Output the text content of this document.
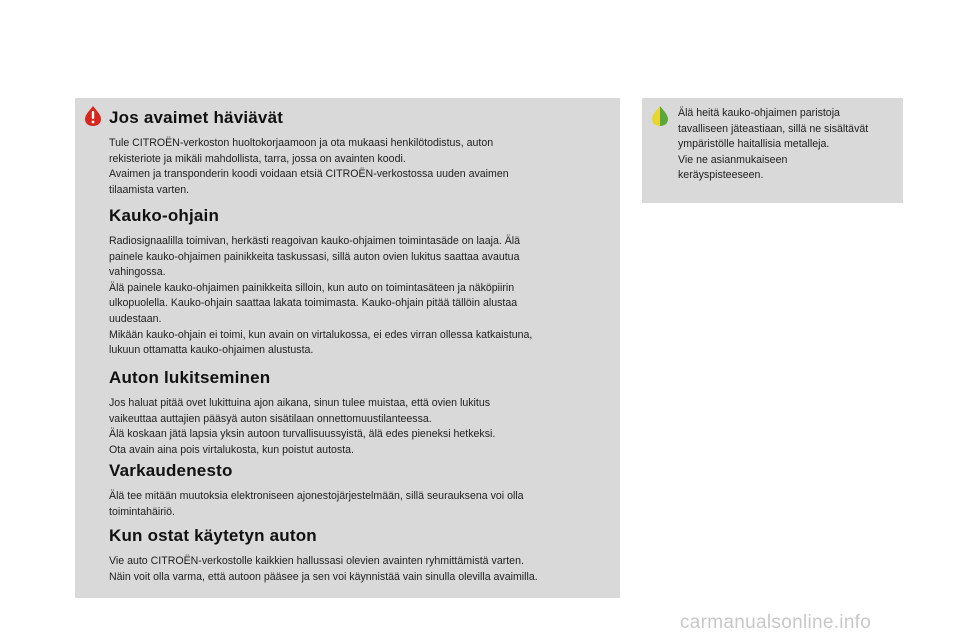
Jos avaimet häviävät

Tule CITROËN-verkoston huoltokorjaamoon ja ota mukaasi henkilötodistus, auton
rekisteriote ja mikäli mahdollista, tarra, jossa on avainten koodi.
Avaimen ja transponderin koodi voidaan etsiä CITROËN-verkostossa uuden avaimen
tilaamista varten.

Kauko-ohjain

Radiosignaalilla toimivan, herkästi reagoivan kauko-ohjaimen toimintasäde on laaja. Älä
painele kauko-ohjaimen painikkeita taskussasi, sillä auton ovien lukitus saattaa avautua
vahingossa.
Älä painele kauko-ohjaimen painikkeita silloin, kun auto on toimintasäteen ja näköpiirin
ulkopuolella. Kauko-ohjain saattaa lakata toimimasta. Kauko-ohjain pitää tällöin alustaa
uudestaan.
Mikään kauko-ohjain ei toimi, kun avain on virtalukossa, ei edes virran ollessa katkaistuna,
lukuun ottamatta kauko-ohjaimen alustusta.

Auton lukitseminen

Jos haluat pitää ovet lukittuina ajon aikana, sinun tulee muistaa, että ovien lukitus
vaikeuttaa auttajien pääsyä auton sisätilaan onnettomuustilanteessa.
Älä koskaan jätä lapsia yksin autoon turvallisuussyistä, älä edes pieneksi hetkeksi.
Ota avain aina pois virtalukosta, kun poistut autosta.

Varkaudenesto

Älä tee mitään muutoksia elektroniseen ajonestojärjestelmään, sillä seurauksena voi olla
toimintahäiriö.

Kun ostat käytetyn auton

Vie auto CITROËN-verkostolle kaikkien hallussasi olevien avainten ryhmittämistä varten.
Näin voit olla varma, että autoon pääsee ja sen voi käynnistää vain sinulla olevilla avaimilla.

Älä heitä kauko-ohjaimen paristoja
tavalliseen jäteastiaan, sillä ne sisältävät
ympäristölle haitallisia metalleja.
Vie ne asianmukaiseen
keräyspisteeseen.

carmanualsonline.info
